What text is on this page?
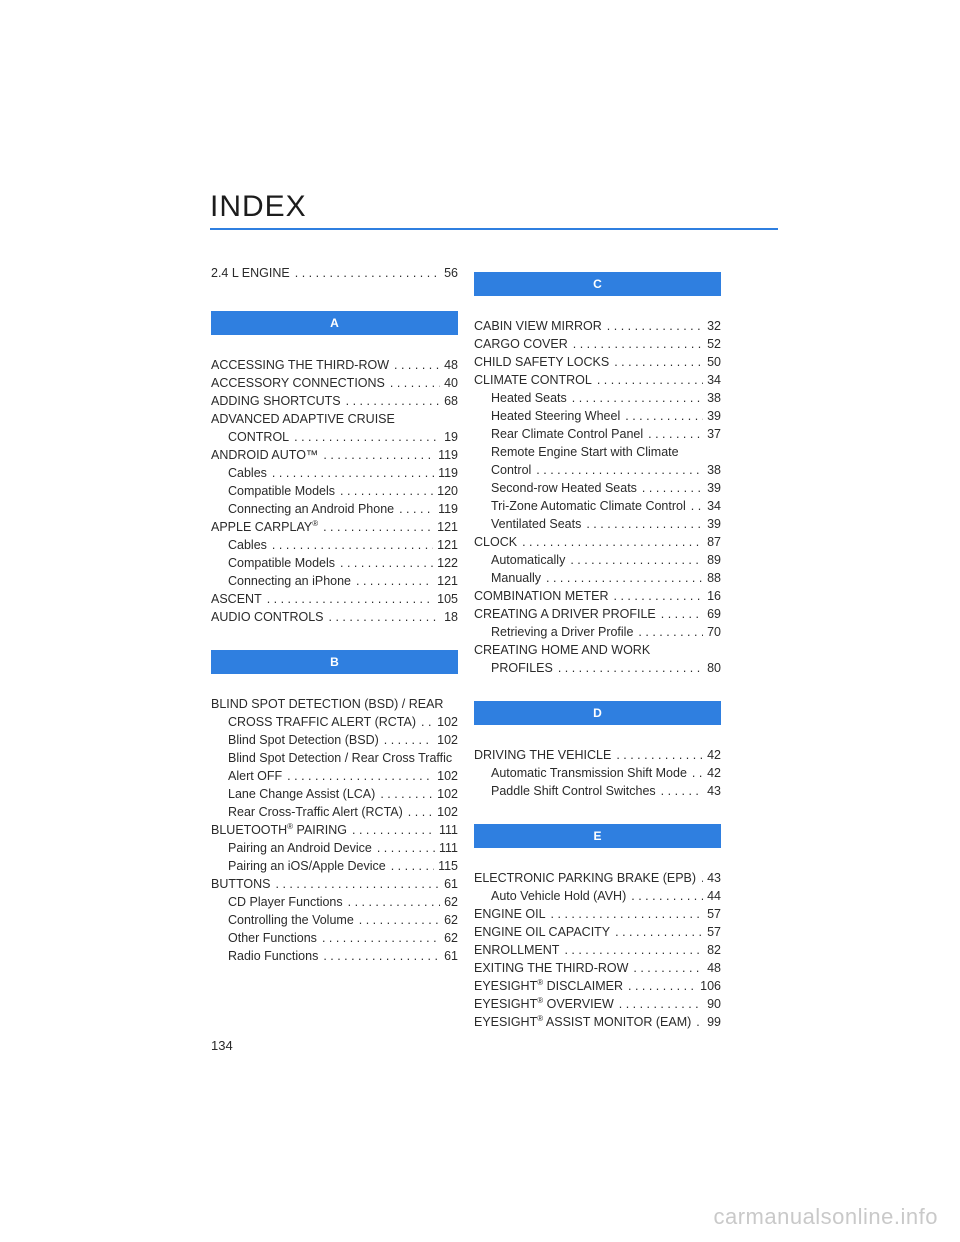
INDEX
2.4 L ENGINE . . .	56
A
ACCESSING THE THIRD-ROW . . .	48
ACCESSORY CONNECTIONS . . .	40
ADDING SHORTCUTS . . .	68
ADVANCED ADAPTIVE CRUISE
CONTROL . . .	19
ANDROID AUTO™ . . .	119
Cables . . .	119
Compatible Models . . .	120
Connecting an Android Phone . . .	119
APPLE CARPLAY® . . .	121
Cables . . .	121
Compatible Models . . .	122
Connecting an iPhone . . .	121
ASCENT . . .	105
AUDIO CONTROLS . . .	18
B
BLIND SPOT DETECTION (BSD) / REAR
CROSS TRAFFIC ALERT (RCTA) . . .	102
Blind Spot Detection (BSD) . . .	102
Blind Spot Detection / Rear Cross Traffic
Alert OFF . . .	102
Lane Change Assist (LCA) . . .	102
Rear Cross-Traffic Alert (RCTA) . . .	102
BLUETOOTH® PAIRING . . .	111
Pairing an Android Device . . .	111
Pairing an iOS/Apple Device . . .	115
BUTTONS . . .	61
CD Player Functions . . .	62
Controlling the Volume . . .	62
Other Functions . . .	62
Radio Functions . . .	61
C
CABIN VIEW MIRROR . . .	32
CARGO COVER . . .	52
CHILD SAFETY LOCKS . . .	50
CLIMATE CONTROL . . .	34
Heated Seats . . .	38
Heated Steering Wheel . . .	39
Rear Climate Control Panel . . .	37
Remote Engine Start with Climate
Control . . .	38
Second-row Heated Seats . . .	39
Tri-Zone Automatic Climate Control . . .	34
Ventilated Seats . . .	39
CLOCK . . .	87
Automatically . . .	89
Manually . . .	88
COMBINATION METER . . .	16
CREATING A DRIVER PROFILE . . .	69
Retrieving a Driver Profile . . .	70
CREATING HOME AND WORK
PROFILES . . .	80
D
DRIVING THE VEHICLE . . .	42
Automatic Transmission Shift Mode . . .	42
Paddle Shift Control Switches . . .	43
E
ELECTRONIC PARKING BRAKE (EPB) . . . 43
Auto Vehicle Hold (AVH) . . .	44
ENGINE OIL . . .	57
ENGINE OIL CAPACITY . . .	57
ENROLLMENT . . .	82
EXITING THE THIRD-ROW . . .	48
EYESIGHT® DISCLAIMER . . .	106
EYESIGHT® OVERVIEW . . .	90
EYESIGHT® ASSIST MONITOR (EAM) . . .	99
134
carmanualsonline.info
